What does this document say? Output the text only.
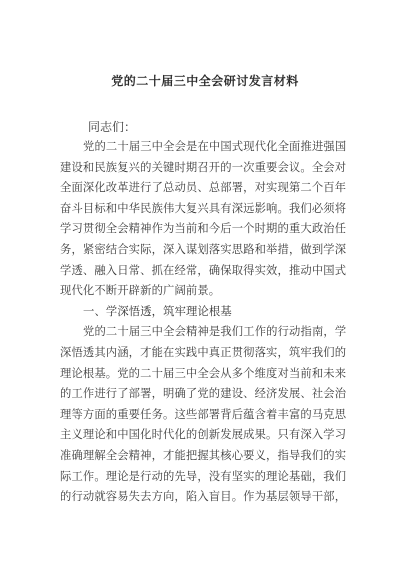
党的二十届三中全会研讨发言材料
同志们：
党的二十届三中全会是在中国式现代化全面推进强国
建设和民族复兴的关键时期召开的一次重要会议。全会对
全面深化改革进行了总动员、总部署，对实现第二个百年
奋斗目标和中华民族伟大复兴具有深远影响。我们必须将
学习贯彻全会精神作为当前和今后一个时期的重大政治任
务，紧密结合实际，深入谋划落实思路和举措，做到学深
学透、融入日常、抓在经常，确保取得实效，推动中国式
现代化不断开辟新的广阔前景。
一、学深悟透，筑牢理论根基
党的二十届三中全会精神是我们工作的行动指南，学
深悟透其内涵，才能在实践中真正贯彻落实，筑牢我们的
理论根基。党的二十届三中全会从多个维度对当前和未来
的工作进行了部署，明确了党的建设、经济发展、社会治
理等方面的重要任务。这些部署背后蕴含着丰富的马克思
主义理论和中国化时代化的创新发展成果。只有深入学习
准确理解全会精神，才能把握其核心要义，指导我们的实
际工作。理论是行动的先导，没有坚实的理论基础，我们
的行动就容易失去方向，陷入盲目。作为基层领导干部，
